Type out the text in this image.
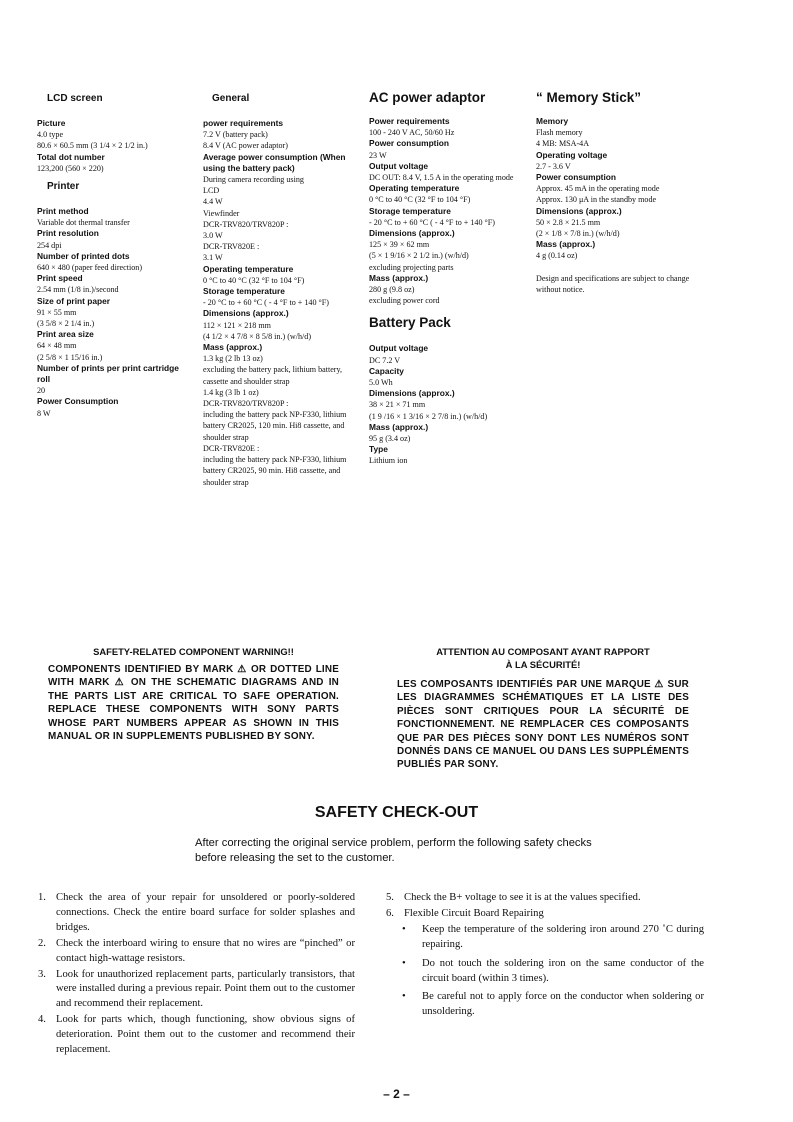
LCD screen
Picture
4.0 type
80.6 × 60.5 mm (3 1/4 × 2 1/2 in.)
Total dot number
123,200 (560 × 220)
Printer
Print method
Variable dot thermal transfer
Print resolution
254 dpi
Number of printed dots
640 × 480 (paper feed direction)
Print speed
2.54 mm (1/8 in.)/second
Size of print paper
91 × 55 mm
(3 5/8 × 2 1/4 in.)
Print area size
64 × 48 mm
(2 5/8 × 1 15/16 in.)
Number of prints per print cartridge roll
20
Power Consumption
8 W
General
power requirements
7.2 V (battery pack)
8.4 V (AC power adaptor)
Average power consumption (When using the battery pack)
During camera recording using
LCD
4.4 W
Viewfinder
DCR-TRV820/TRV820P :
3.0 W
DCR-TRV820E :
3.1 W
Operating temperature
0 °C to 40 °C (32 °F to 104 °F)
Storage temperature
- 20 °C to + 60 °C ( - 4 °F to + 140 °F)
Dimensions (approx.)
112 × 121 × 218 mm
(4 1/2 × 4 7/8 × 8 5/8 in.) (w/h/d)
Mass (approx.)
1.3 kg (2 lb 13 oz)
excluding the battery pack, lithium battery, cassette and shoulder strap
1.4 kg (3 lb 1 oz)
DCR-TRV820/TRV820P :
including the battery pack NP-F330, lithium battery CR2025, 120 min. Hi8 cassette, and shoulder strap
DCR-TRV820E :
including the battery pack NP-F330, lithium battery CR2025, 90 min. Hi8 cassette, and shoulder strap
AC power adaptor
Power requirements
100 - 240 V AC, 50/60 Hz
Power consumption
23 W
Output voltage
DC OUT: 8.4 V, 1.5 A in the operating mode
Operating temperature
0 °C to 40 °C (32 °F to 104 °F)
Storage temperature
- 20 °C to + 60 °C ( - 4 °F to + 140 °F)
Dimensions (approx.)
125 × 39 × 62 mm
(5 × 1 9/16 × 2 1/2 in.) (w/h/d)
excluding projecting parts
Mass (approx.)
280 g (9.8 oz)
excluding power cord
Battery Pack
Output voltage
DC 7.2 V
Capacity
5.0 Wh
Dimensions (approx.)
38 × 21 × 71 mm
(1 9 /16 × 1 3/16 × 2 7/8 in.) (w/h/d)
Mass (approx.)
95 g (3.4 oz)
Type
Lithium ion
“ Memory Stick”
Memory
Flash memory
4 MB: MSA-4A
Operating voltage
2.7 - 3.6 V
Power consumption
Approx. 45 mA in the operating mode
Approx. 130 μA in the standby mode
Dimensions (approx.)
50 × 2.8 × 21.5 mm
(2 × 1/8 × 7/8 in.) (w/h/d)
Mass (approx.)
4 g (0.14 oz)
Design and specifications are subject to change without notice.
SAFETY-RELATED COMPONENT WARNING!!
COMPONENTS IDENTIFIED BY MARK ⚠ OR DOTTED LINE WITH MARK ⚠ ON THE SCHEMATIC DIAGRAMS AND IN THE PARTS LIST ARE CRITICAL TO SAFE OPERATION. REPLACE THESE COMPONENTS WITH SONY PARTS WHOSE PART NUMBERS APPEAR AS SHOWN IN THIS MANUAL OR IN SUPPLEMENTS PUBLISHED BY SONY.
ATTENTION AU COMPOSANT AYANT RAPPORT
À LA SÉCURITÉ!
LES COMPOSANTS IDENTIFIÉS PAR UNE MARQUE ⚠ SUR LES DIAGRAMMES SCHÉMATIQUES ET LA LISTE DES PIÈCES SONT CRITIQUES POUR LA SÉCURITÉ DE FONCTIONNEMENT. NE REMPLACER CES COMPOSANTS QUE PAR DES PIÈCES SONY DONT LES NUMÉROS SONT DONNÉS DANS CE MANUEL OU DANS LES SUPPLÉMENTS PUBLIÉS PAR SONY.
SAFETY CHECK-OUT
After correcting the original service problem, perform the following safety checks before releasing the set to the customer.
1. Check the area of your repair for unsoldered or poorly-soldered connections. Check the entire board surface for solder splashes and bridges.
2. Check the interboard wiring to ensure that no wires are “pinched” or contact high-wattage resistors.
3. Look for unauthorized replacement parts, particularly transistors, that were installed during a previous repair. Point them out to the customer and recommend their replacement.
4. Look for parts which, though functioning, show obvious signs of deterioration. Point them out to the customer and recommend their replacement.
5. Check the B+ voltage to see it is at the values specified.
6. Flexible Circuit Board Repairing
•	Keep the temperature of the soldering iron around 270 ˚C during repairing.
•	Do not touch the soldering iron on the same conductor of the circuit board (within 3 times).
•	Be careful not to apply force on the conductor when soldering or unsoldering.
– 2 –
